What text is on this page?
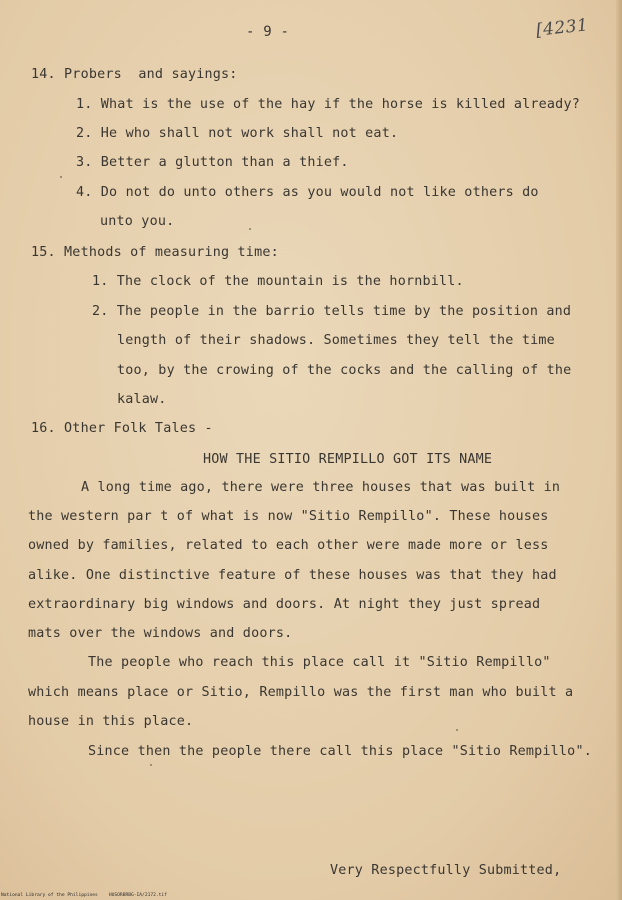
- 9 -	[4231
14. Probers  and sayings:
1. What is the use of the hay if the horse is killed already?
2. He who shall not work shall not eat.
3. Better a glutton than a thief.
4. Do not do unto others as you would not like others do
unto you.
15. Methods of measuring time:
1. The clock of the mountain is the hornbill.
2. The people in the barrio tells time by the position and
length of their shadows. Sometimes they tell the time
too, by the crowing of the cocks and the calling of the
kalaw.
16. Other Folk Tales -
HOW THE SITIO REMPILLO GOT ITS NAME
A long time ago, there were three houses that was built in
the western par t of what is now "Sitio Rempillo". These houses
owned by families, related to each other were made more or less
alike. One distinctive feature of these houses was that they had
extraordinary big windows and doors. At night they just spread
mats over the windows and doors.
The people who reach this place call it "Sitio Rempillo"
which means place or Sitio, Rempillo was the first man who built a
house in this place.
Since then the people there call this place "Sitio Rempillo".
Very Respectfully Submitted,
National Library of the Philippines    HUSORBRBG-IA/2172.tif
